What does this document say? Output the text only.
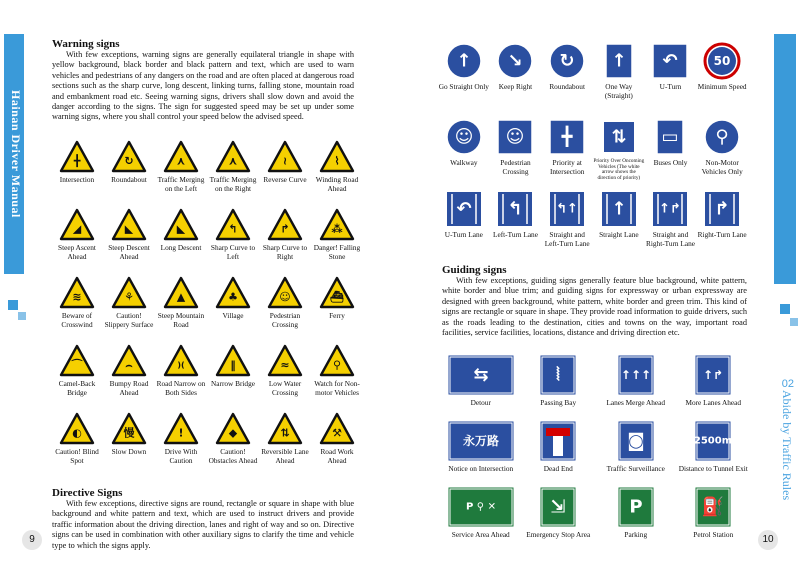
Hainan Driver Manual
9
Warning signs

With few exceptions, warning signs are generally equilateral triangle in shape with yellow background, black border and black pattern and text, which are used to warn vehicles and pedestrians of any dangers on the road and are often placed at dangerous road sections such as the sharp curve, long descent, linking turns, falling stone, mountain road and embankment road etc. Seeing warning signs, drivers shall slow down and avoid the danger according to the signs. The sign for suggested speed may be set up under some warning signs, where you shall control your speed below the advised speed.

╋
Intersection
↻
Roundabout
⋏
Traffic Merging on the Left
⋏
Traffic Merging on the Right
≀
Reverse Curve
⌇
Winding Road Ahead
◢
Steep Ascent Ahead
◣
Steep Descent Ahead
◣
Long Descent
↰
Sharp Curve to Left
↱
Sharp Curve to Right
⁂
Danger! Falling Stone
≋
Beware of Crosswind
⚘
Caution! Slippery Surface
▲
Steep Mountain Road
♣
Village
☺
Pedestrian Crossing
⛴
Ferry
⌒
Camel-Back Bridge
⌢
Bumpy Road Ahead
)(
Road Narrow on Both Sides
‖
Narrow Bridge
≈
Low Water Crossing
⚲
Watch for Non-motor Vehicles
◐
Caution! Blind Spot
慢
Slow Down
!
Drive With Caution
◆
Caution! Obstacles Ahead
⇅
Reversible Lane Ahead
⚒
Road Work Ahead
Directive Signs

With few exceptions, directive signs are round, rectangle or square in shape with blue background and white pattern and text, which are used to instruct drivers and provide traffic information about the driving direction, lanes and right of way and so on. Directive signs can be used in combination with other auxiliary signs to clarify the time and vehicle type to which the signs apply.

02
Abide by Traffic Rules
10
↑
Go Straight Only
↘
Keep Right
↻
Roundabout
↑
One Way (Straight)
↶
U-Turn
50
Minimum Speed
☺
Walkway
☺
Pedestrian Crossing
╋
Priority at Intersection
⇅
Priority Over Oncoming Vehicles (The white arrow shows the direction of priority)
▭
Buses Only
⚲
Non-Motor Vehicles Only
↶
U-Turn Lane
↰
Left-Turn Lane
↰↑
Straight and Left-Turn Lane
↑
Straight Lane
↑↱
Straight and Right-Turn Lane
↱
Right-Turn Lane
Guiding signs

With few exceptions, guiding signs generally feature blue background, white pattern, white border and blue trim; and guiding signs for expressway or urban expressway are designed with green background, white pattern, white border and green trim. This kind of signs are rectangle or square in shape. They provide road information to guide drivers, such as the roads leading to the destination, cities and towns on the way, important road facilities, service facilities, locations, distance and driving direction etc.

⇆
Detour
⦚
Passing Bay
↑↑↑
Lanes Merge Ahead
↑↱
More Lanes Ahead
永万路
Notice on Intersection	Dead End
◙
Traffic Surveillance
2500m
Distance to Tunnel Exit
P ⚲ ✕
Service Area Ahead
⇲
Emergency Stop Area
P
Parking
⛽
Petrol Station
